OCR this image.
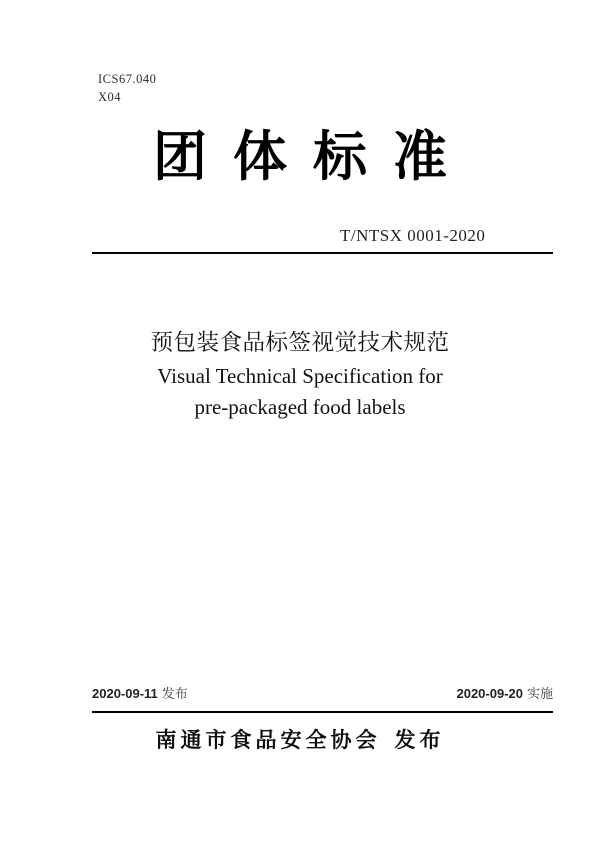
ICS67.040
X04
团体标准
T/NTSX 0001-2020
预包装食品标签视觉技术规范
Visual Technical Specification for
pre-packaged food labels
2020-09-11 发布	2020-09-20 实施
南通市食品安全协会 发布
